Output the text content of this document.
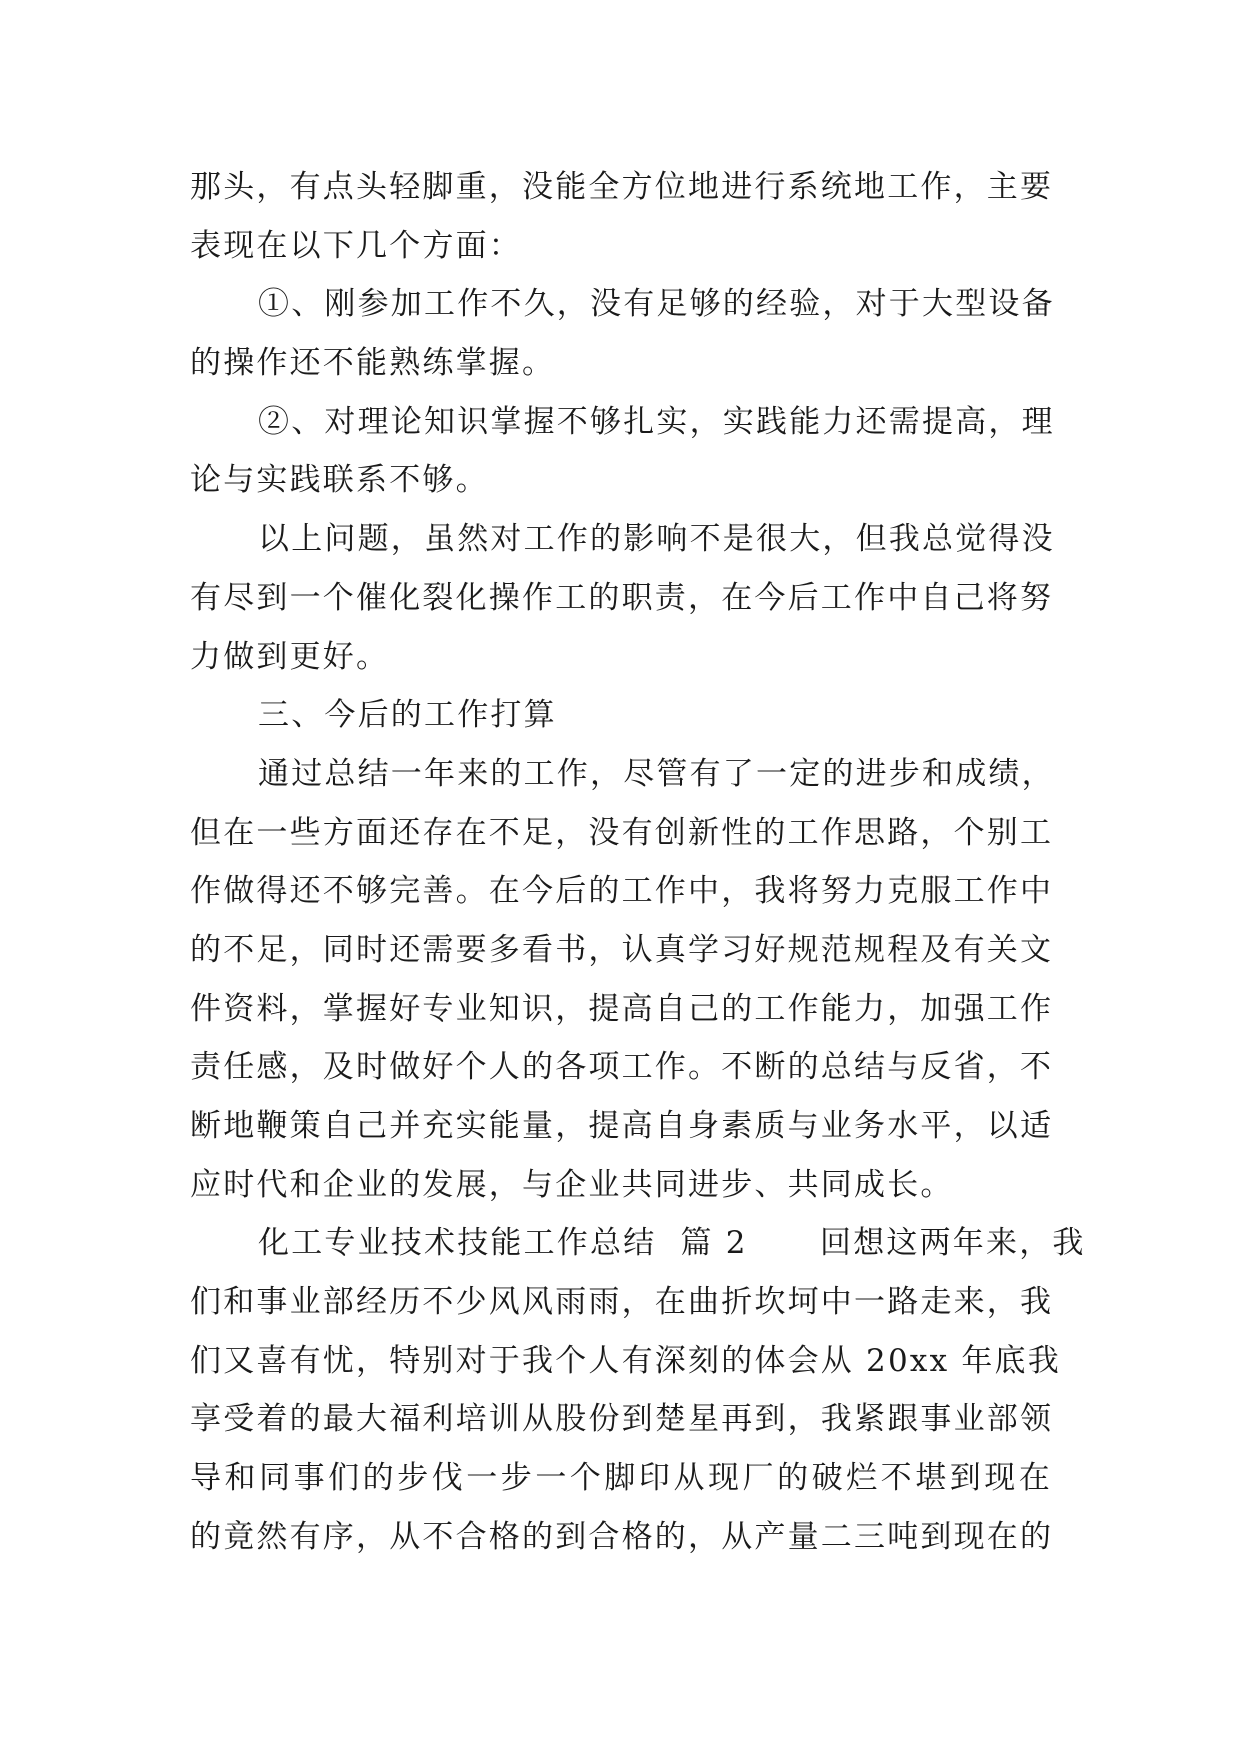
那头，有点头轻脚重，没能全方位地进行系统地工作，主要
表现在以下几个方面：
①、刚参加工作不久，没有足够的经验，对于大型设备
的操作还不能熟练掌握。
②、对理论知识掌握不够扎实，实践能力还需提高，理
论与实践联系不够。
以上问题，虽然对工作的影响不是很大，但我总觉得没
有尽到一个催化裂化操作工的职责，在今后工作中自己将努
力做到更好。
三、今后的工作打算
通过总结一年来的工作，尽管有了一定的进步和成绩，
但在一些方面还存在不足，没有创新性的工作思路，个别工
作做得还不够完善。在今后的工作中，我将努力克服工作中
的不足，同时还需要多看书，认真学习好规范规程及有关文
件资料，掌握好专业知识，提高自己的工作能力，加强工作
责任感，及时做好个人的各项工作。不断的总结与反省，不
断地鞭策自己并充实能量，提高自身素质与业务水平，以适
应时代和企业的发展，与企业共同进步、共同成长。
化工专业技术技能工作总结  篇 2      回想这两年来，我
们和事业部经历不少风风雨雨，在曲折坎坷中一路走来，我
们又喜有忧，特别对于我个人有深刻的体会从 20xx 年底我
享受着的最大福利培训从股份到楚星再到，我紧跟事业部领
导和同事们的步伐一步一个脚印从现厂的破烂不堪到现在
的竟然有序，从不合格的到合格的，从产量二三吨到现在的
